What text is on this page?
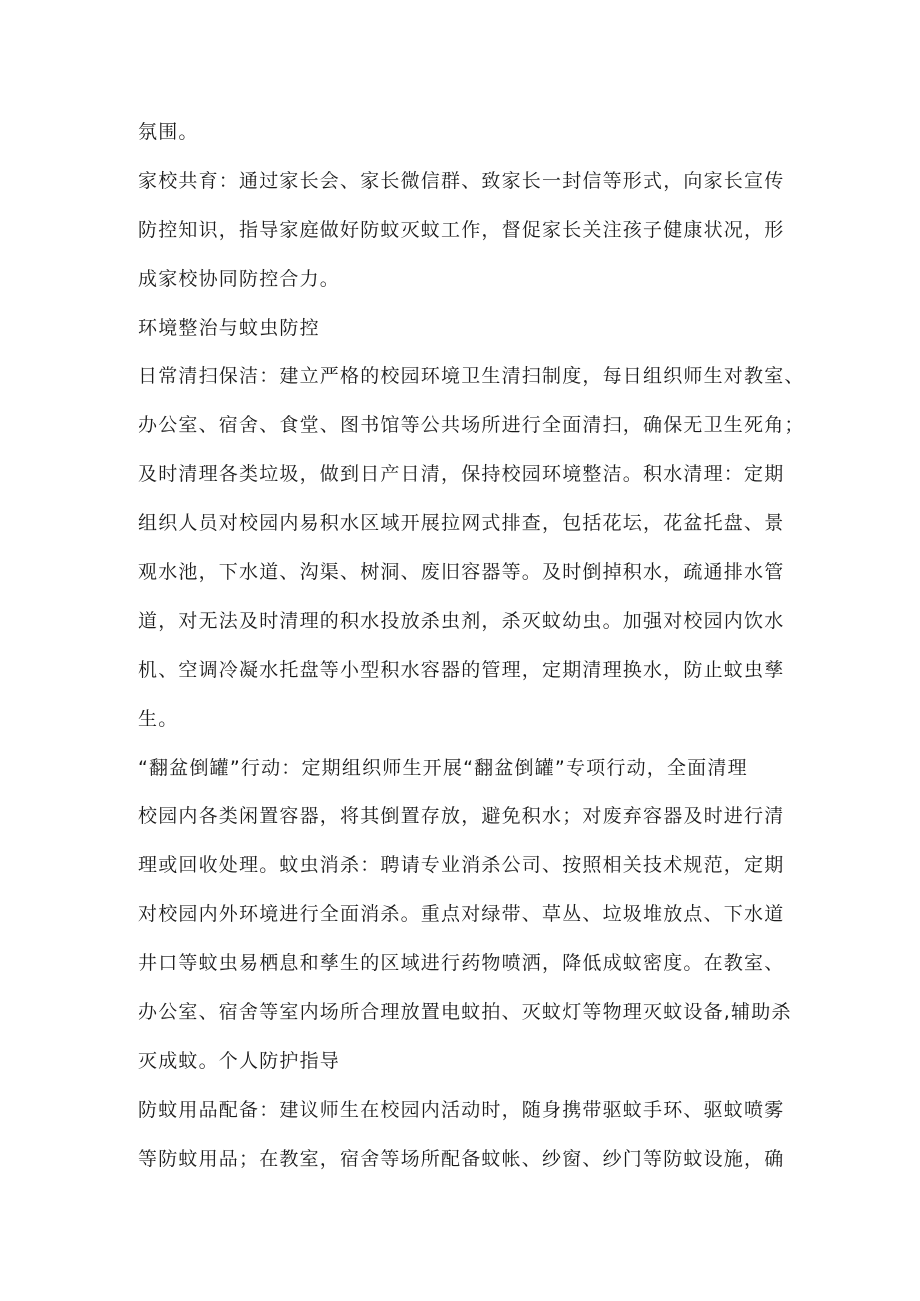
氛围。
家校共育：通过家长会、家长微信群、致家长一封信等形式，向家长宣传
防控知识，指导家庭做好防蚊灭蚊工作，督促家长关注孩子健康状况，形
成家校协同防控合力。
环境整治与蚊虫防控
日常清扫保洁：建立严格的校园环境卫生清扫制度，每日组织师生对教室、
办公室、宿舍、食堂、图书馆等公共场所进行全面清扫，确保无卫生死角；
及时清理各类垃圾，做到日产日清，保持校园环境整洁。积水清理：定期
组织人员对校园内易积水区域开展拉网式排查，包括花坛，花盆托盘、景
观水池，下水道、沟渠、树洞、废旧容器等。及时倒掉积水，疏通排水管
道，对无法及时清理的积水投放杀虫剂，杀灭蚊幼虫。加强对校园内饮水
机、空调冷凝水托盘等小型积水容器的管理，定期清理换水，防止蚊虫孳
生。
“翻盆倒罐”行动：定期组织师生开展“翻盆倒罐”专项行动，全面清理
校园内各类闲置容器，将其倒置存放，避免积水；对废弃容器及时进行清
理或回收处理。蚊虫消杀：聘请专业消杀公司、按照相关技术规范，定期
对校园内外环境进行全面消杀。重点对绿带、草丛、垃圾堆放点、下水道
井口等蚊虫易栖息和孳生的区域进行药物喷洒，降低成蚊密度。在教室、
办公室、宿舍等室内场所合理放置电蚊拍、灭蚊灯等物理灭蚊设备,辅助杀
灭成蚊。个人防护指导
防蚊用品配备：建议师生在校园内活动时，随身携带驱蚊手环、驱蚊喷雾
等防蚊用品；在教室，宿舍等场所配备蚊帐、纱窗、纱门等防蚊设施，确
